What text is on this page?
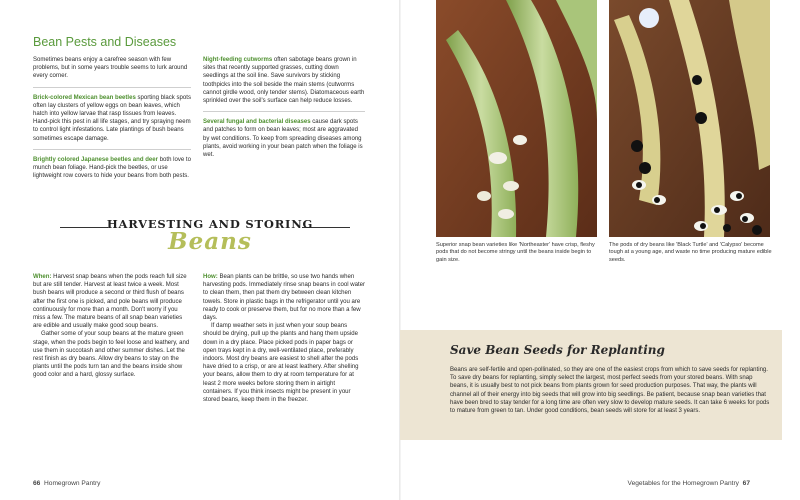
Bean Pests and Diseases

Sometimes beans enjoy a carefree season with few problems, but in some years trouble seems to lurk around every corner.

Brick-colored Mexican bean beetles sporting black spots often lay clusters of yellow eggs on bean leaves, which hatch into yellow larvae that rasp tissues from leaves. Hand-pick this pest in all life stages, and try spraying neem to control light infestations. Late plantings of bush beans sometimes escape damage.

Brightly colored Japanese beetles and deer both love to munch bean foliage. Hand-pick the beetles, or use lightweight row covers to hide your beans from both pests.

Night-feeding cutworms often sabotage beans grown in sites that recently supported grasses, cutting down seedlings at the soil line. Save survivors by sticking toothpicks into the soil beside the main stems (cutworms cannot girdle wood, only tender stems). Diatomaceous earth sprinkled over the soil's surface can help reduce losses.

Several fungal and bacterial diseases cause dark spots and patches to form on bean leaves; most are aggravated by wet conditions. To keep from spreading diseases among plants, avoid working in your bean patch when the foliage is wet.

HARVESTING AND STORING
Beans

When: Harvest snap beans when the pods reach full size but are still tender. Harvest at least twice a week. Most bush beans will produce a second or third flush of beans after the first one is picked, and pole beans will produce continuously for more than a month. Don't worry if you miss a few. The mature beans of all snap bean varieties are edible and usually make good soup beans.

Gather some of your soup beans at the mature green stage, when the pods begin to feel loose and leathery, and use them in succotash and other summer dishes. Let the rest finish as dry beans. Allow dry beans to stay on the plants until the pods turn tan and the beans inside show good color and a hard, glossy surface.

How: Bean plants can be brittle, so use two hands when harvesting pods. Immediately rinse snap beans in cool water to clean them, then pat them dry between clean kitchen towels. Store in plastic bags in the refrigerator until you are ready to cook or preserve them, but for no more than a few days.

If damp weather sets in just when your soup beans should be drying, pull up the plants and hang them upside down in a dry place. Place picked pods in paper bags or open trays kept in a dry, well-ventilated place, preferably indoors. Most dry beans are easiest to shell after the pods have dried to a crisp, or are at least leathery. After shelling your beans, allow them to dry at room temperature for at least 2 more weeks before storing them in airtight containers. If you think insects might be present in your stored beans, keep them in the freezer.

66 Homegrown Pantry
Superior snap bean varieties like 'Northeaster' have crisp, fleshy pods that do not become stringy until the beans inside begin to gain size.
The pods of dry beans like 'Black Turtle' and 'Calypso' become tough at a young age, and waste no time producing mature edible seeds.
Save Bean Seeds for Replanting
Beans are self-fertile and open-pollinated, so they are one of the easiest crops from which to save seeds for replanting. To save dry beans for replanting, simply select the largest, most perfect seeds from your stored beans. With snap beans, it is usually best to not pick beans from plants grown for seed production purposes. That way, the plants will channel all of their energy into big seeds that will grow into big seedlings. Be patient, because snap bean varieties that have been bred to stay tender for a long time are often very slow to develop mature seeds. It can take 6 weeks for pods to mature from green to tan. Under good conditions, bean seeds will store for at least 3 years.
Vegetables for the Homegrown Pantry 67
